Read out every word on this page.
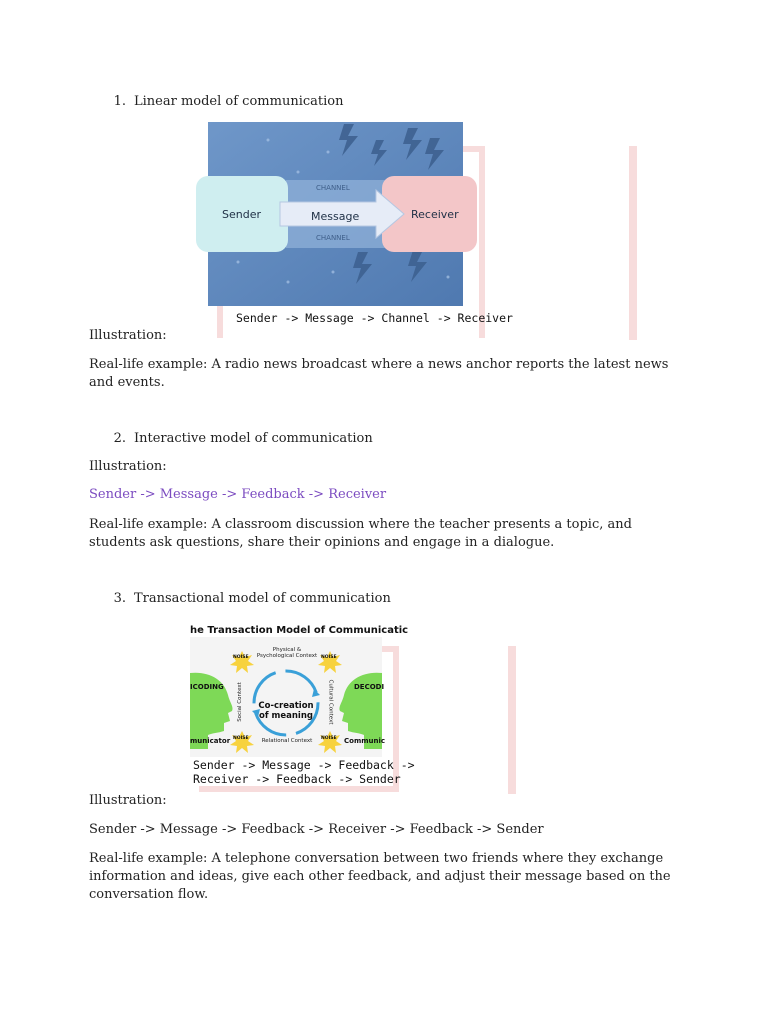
1. Linear model of communication
Sender	Message	Receiver
CHANNEL
CHANNEL
Sender -> Message -> Channel -> Receiver
Illustration:
Real-life example: A radio news broadcast where a news anchor reports the latest news and events.
2. Interactive model of communication
Illustration:
Sender -> Message -> Feedback -> Receiver
Real-life example: A classroom discussion where the teacher presents a topic, and students ask questions, share their opinions and engage in a dialogue.
3. Transactional model of communication
he Transaction Model of Communicatic
Co-creation of meaning
Physical & Psychological Context
Relational Context
Social Context	Cultural Context
NOISE	NOISE
NOISE	NOISE
ICODING	DECODI
municator	Communic
Sender -> Message -> Feedback ->
Receiver -> Feedback -> Sender
Illustration:
Sender -> Message -> Feedback -> Receiver -> Feedback -> Sender
Real-life example: A telephone conversation between two friends where they exchange information and ideas, give each other feedback, and adjust their message based on the conversation flow.
